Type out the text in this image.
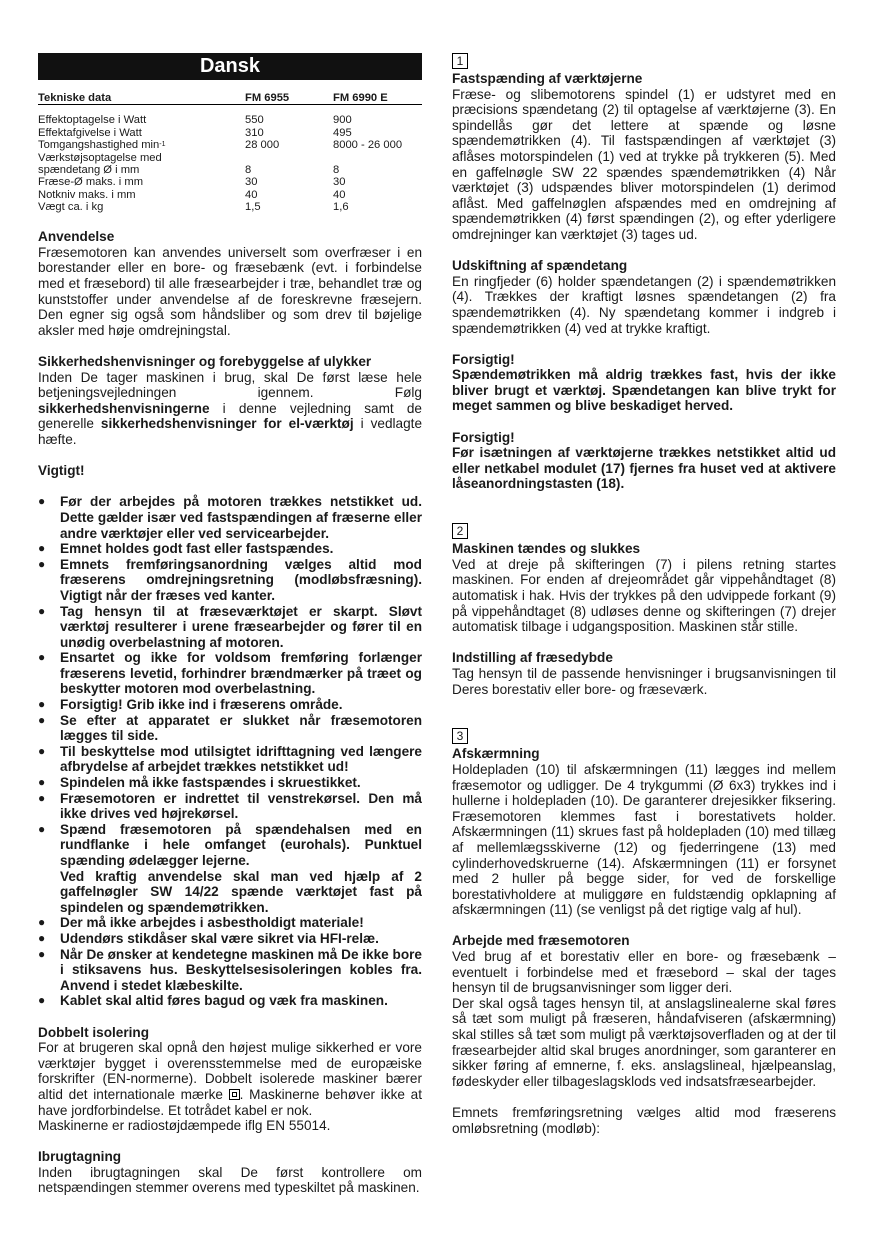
Dansk
Tekniske data	FM 6955	FM 6990 E

Effektoptagelse i Watt	550	900
Effektafgivelse i Watt	310	495
Tomgangshastighed $\min^{-1}$	28 000	8000 - 26 000
Værkstøjsoptagelse med		
spændetang Ø i mm	8	8
Fræse-Ø maks. i mm	30	30
Notkniv maks. i mm	40	40
Vægt ca. i kg	1,5	1,6

Anvendelse

Fræsemotoren kan anvendes universelt som overfræser i en borestander eller en bore- og fræsebænk (evt. i forbindelse med et fræsebord) til alle fræsearbejder i træ, behandlet træ og kunststoffer under anvendelse af de foreskrevne fræsejern. Den egner sig også som håndsliber og som drev til bøjelige aksler med høje omdrejningstal.

Sikkerhedshenvisninger og forebyggelse af ulykker

Inden De tager maskinen i brug, skal De først læse hele betjeningsvejledningen igennem. Følg sikkerhedshenvisningerne i denne vejledning samt de generelle sikkerhedshenvisninger for el-værktøj i vedlagte hæfte.

Vigtigt!

● Før der arbejdes på motoren trækkes netstikket ud. Dette gælder især ved fastspændingen af fræserne eller andre værktøjer eller ved servicearbejder.
● Emnet holdes godt fast eller fastspændes.
● Emnets fremføringsanordning vælges altid mod fræserens omdrejningsretning (modløbsfræsning). Vigtigt når der fræses ved kanter.
● Tag hensyn til at fræseværktøjet er skarpt. Sløvt værktøj resulterer i urene fræsearbejder og fører til en unødig overbelastning af motoren.
● Ensartet og ikke for voldsom fremføring forlænger fræserens levetid, forhindrer brændmærker på træet og beskytter motoren mod overbelastning.
● Forsigtig! Grib ikke ind i fræserens område.
● Se efter at apparatet er slukket når fræsemotoren lægges til side.
● Til beskyttelse mod utilsigtet idrifttagning ved længere afbrydelse af arbejdet trækkes netstikket ud!
● Spindelen må ikke fastspændes i skruestikket.
● Fræsemotoren er indrettet til venstrekørsel. Den må ikke drives ved højrekørsel.
● Spænd fræsemotoren på spændehalsen med en rundflanke i hele omfanget (eurohals). Punktuel spænding ødelægger lejerne.
Ved kraftig anvendelse skal man ved hjælp af 2 gaffelnøgler SW 14/22 spænde værktøjet fast på spindelen og spændemøtrikken.
● Der må ikke arbejdes i asbestholdigt materiale!
● Udendørs stikdåser skal være sikret via HFI-relæ.
● Når De ønsker at kendetegne maskinen må De ikke bore i stiksavens hus. Beskyttelsesisoleringen kobles fra. Anvend i stedet klæbeskilte.
● Kablet skal altid føres bagud og væk fra maskinen.

Dobbelt isolering

For at brugeren skal opnå den højest mulige sikkerhed er vore værktøjer bygget i overensstemmelse med de europæiske forskrifter (EN-normerne). Dobbelt isolerede maskiner bærer altid det internationale mærke . Maskinerne behøver ikke at have jordforbindelse. Et totrådet kabel er nok.

Maskinerne er radiostøjdæmpede iflg EN 55014.

Ibrugtagning

Inden ibrugtagningen skal De først kontrollere om netspændingen stemmer overens med typeskiltet på maskinen.

1

Fastspænding af værktøjerne

Fræse- og slibemotorens spindel (1) er udstyret med en præcisions spændetang (2) til optagelse af værktøjerne (3). En spindellås gør det lettere at spænde og løsne spændemøtrikken (4). Til fastspændingen af værktøjet (3) aflåses motorspindelen (1) ved at trykke på trykkeren (5). Med en gaffelnøgle SW 22 spændes spændemøtrikken (4) Når værktøjet (3) udspændes bliver motorspindelen (1) derimod aflåst. Med gaffelnøglen afspændes med en omdrejning af spændemøtrikken (4) først spændingen (2), og efter yderligere omdrejninger kan værktøjet (3) tages ud.

Udskiftning af spændetang

En ringfjeder (6) holder spændetangen (2) i spændemøtrikken (4). Trækkes der kraftigt løsnes spændetangen (2) fra spændemøtrikken (4). Ny spændetang kommer i indgreb i spændemøtrikken (4) ved at trykke kraftigt.

Forsigtig!

Spændemøtrikken må aldrig trækkes fast, hvis der ikke bliver brugt et værktøj. Spændetangen kan blive trykt for meget sammen og blive beskadiget herved.

Forsigtig!

Før isætningen af værktøjerne trækkes netstikket altid ud eller netkabel modulet (17) fjernes fra huset ved at aktivere låseanordningstasten (18).

2

Maskinen tændes og slukkes

Ved at dreje på skifteringen (7) i pilens retning startes maskinen. For enden af drejeområdet går vippehåndtaget (8) automatisk i hak. Hvis der trykkes på den udvippede forkant (9) på vippehåndtaget (8) udløses denne og skifteringen (7) drejer automatisk tilbage i udgangsposition. Maskinen står stille.

Indstilling af fræsedybde

Tag hensyn til de passende henvisninger i brugsanvisningen til Deres borestativ eller bore- og fræseværk.

3

Afskærmning

Holdepladen (10) til afskærmningen (11) lægges ind mellem fræsemotor og udligger. De 4 trykgummi (Ø 6x3) trykkes ind i hullerne i holdepladen (10). De garanterer drejesikker fiksering. Fræsemotoren klemmes fast i borestativets holder. Afskærmningen (11) skrues fast på holdepladen (10) med tillæg af mellemlægsskiverne (12) og fjederringene (13) med cylinderhovedskruerne (14). Afskærmningen (11) er forsynet med 2 huller på begge sider, for ved de forskellige borestativholdere at muliggøre en fuldstændig opklapning af afskærmningen (11) (se venligst på det rigtige valg af hul).

Arbejde med fræsemotoren

Ved brug af et borestativ eller en bore- og fræsebænk – eventuelt i forbindelse med et fræsebord – skal der tages hensyn til de brugsanvisninger som ligger deri.

Der skal også tages hensyn til, at anslagslinealerne skal føres så tæt som muligt på fræseren, håndafviseren (afskærmning) skal stilles så tæt som muligt på værktøjsoverfladen og at der til fræsearbejder altid skal bruges anordninger, som garanterer en sikker føring af emnerne, f. eks. anslagslineal, hjælpeanslag, fødeskyder eller tilbageslagsklods ved indsatsfræsearbejder.

Emnets fremføringsretning vælges altid mod fræserens omløbsretning (modløb):
